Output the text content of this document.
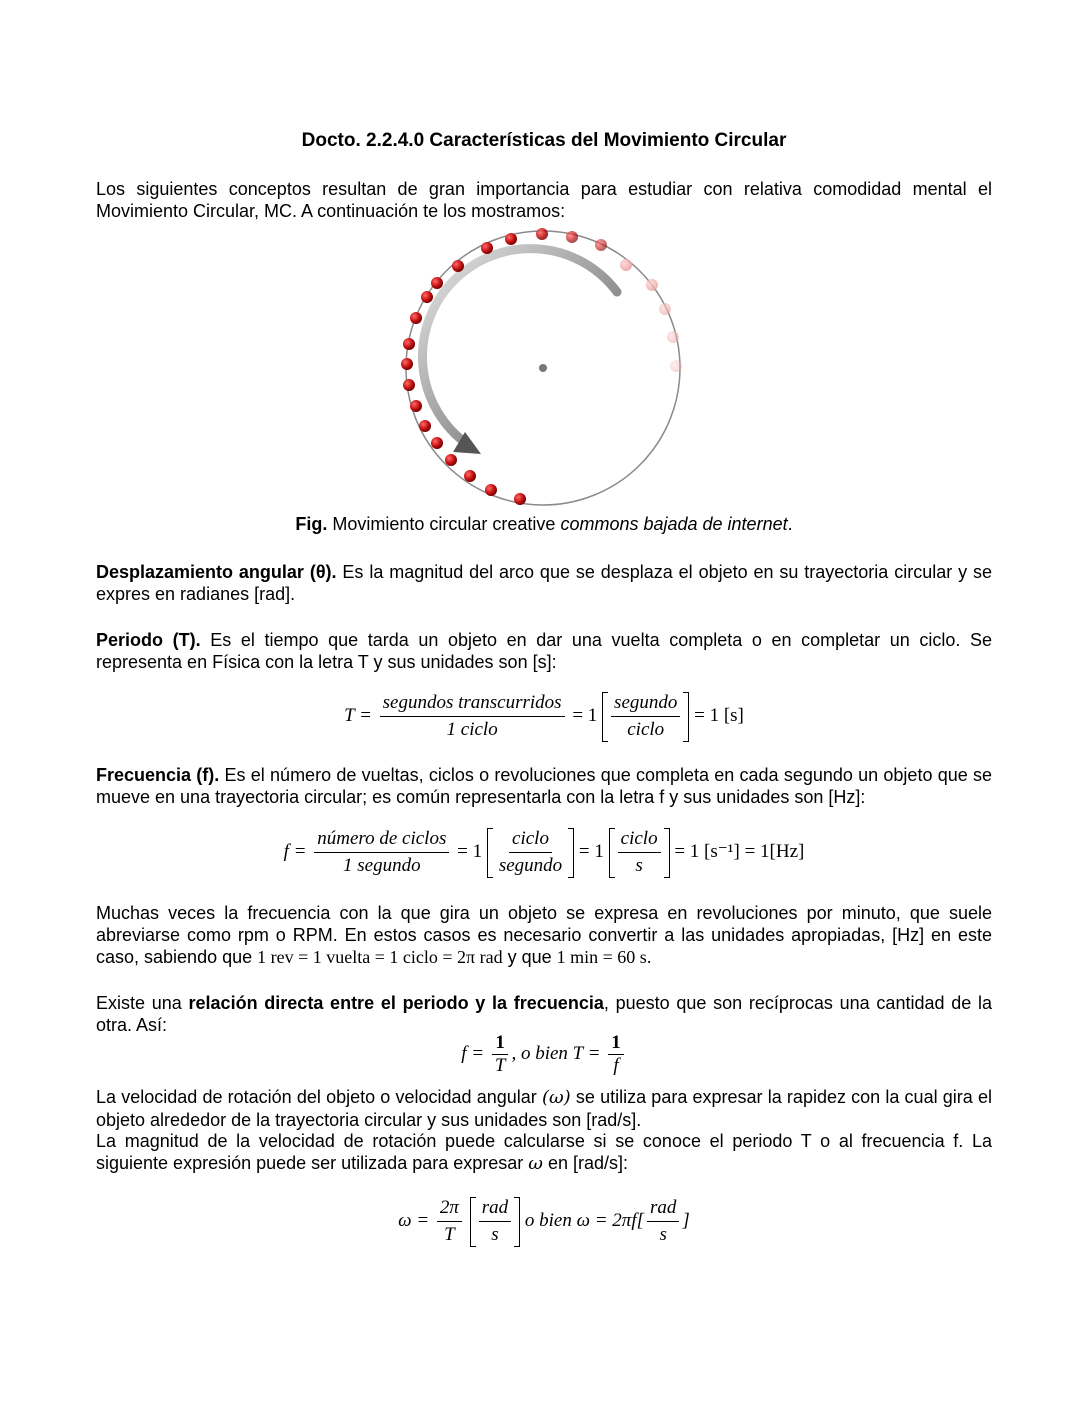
Docto. 2.2.4.0 Características del Movimiento Circular
Los siguientes conceptos resultan de gran importancia para estudiar con relativa comodidad mental el Movimiento Circular, MC. A continuación te los mostramos:
Fig. Movimiento circular creative commons bajada de internet.
Desplazamiento angular (θ). Es la magnitud del arco que se desplaza el objeto en su trayectoria circular y se expres en radianes [rad].
Periodo (T). Es el tiempo que tarda un objeto en dar una vuelta completa o en completar un ciclo. Se representa en Física con la letra T y sus unidades son [s]:
$T = \frac{\text{segundos transcurridos}}{\text{1 ciclo}} = 1 \frac{\text{segundo}}{\text{ciclo}} = 1$ [s]
Frecuencia (f). Es el número de vueltas, ciclos o revoluciones que completa en cada segundo un objeto que se mueve en una trayectoria circular; es común representarla con la letra f y sus unidades son [Hz]:
$f = \frac{\text{número de ciclos}}{\text{1 segundo}} = 1 \frac{\text{ciclo}}{\text{segundo}} = 1 \frac{\text{ciclo}}{s} = 1$ [s⁻¹] = 1[Hz]
Muchas veces la frecuencia con la que gira un objeto se expresa en revoluciones por minuto, que suele abreviarse como rpm o RPM. En estos casos es necesario convertir a las unidades apropiadas, [Hz] en este caso, sabiendo que 1 rev = 1 vuelta = 1 ciclo = 2π rad y que 1 min = 60 s.
Existe una relación directa entre el periodo y la frecuencia, puesto que son recíprocas una cantidad de la otra. Así:
$f = \frac{1}{T}$ , o bien $T = \frac{1}{f}$
La velocidad de rotación del objeto o velocidad angular (ω) se utiliza para expresar la rapidez con la cual gira el objeto alrededor de la trayectoria circular y sus unidades son [rad/s].
La magnitud de la velocidad de rotación puede calcularse si se conoce el periodo T o al frecuencia f. La siguiente expresión puede ser utilizada para expresar ω en [rad/s]:
$\omega = \frac{2\pi}{T}$
$\frac{\text{rad}}{s}$ o bien $\omega = 2\pi f[ \frac{\text{rad}}{s}$ ]
